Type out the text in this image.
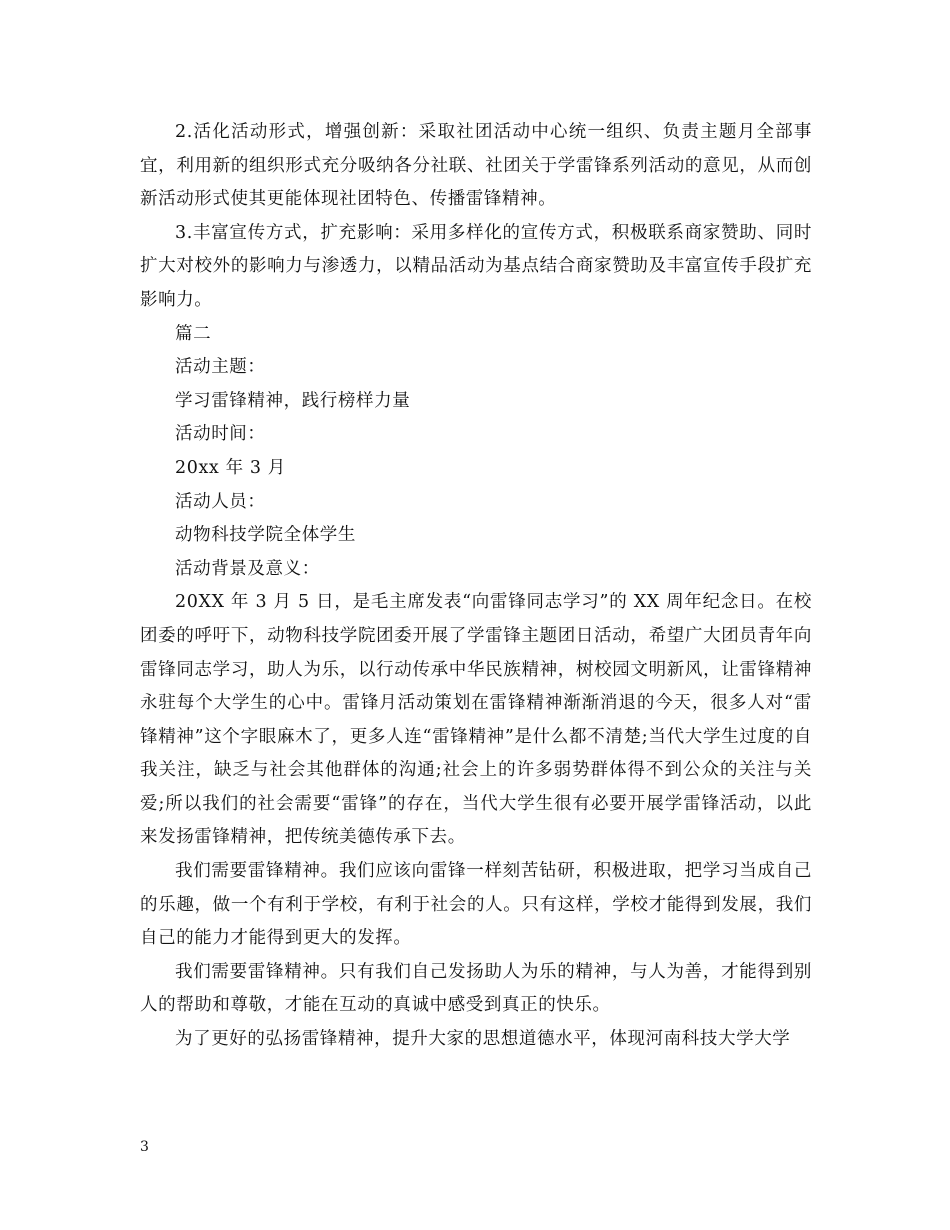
2.活化活动形式，增强创新：采取社团活动中心统一组织、负责主题月全部事宜，利用新的组织形式充分吸纳各分社联、社团关于学雷锋系列活动的意见，从而创新活动形式使其更能体现社团特色、传播雷锋精神。

3.丰富宣传方式，扩充影响：采用多样化的宣传方式，积极联系商家赞助、同时扩大对校外的影响力与渗透力，以精品活动为基点结合商家赞助及丰富宣传手段扩充影响力。

篇二

活动主题：

学习雷锋精神，践行榜样力量

活动时间：

20xx 年 3 月

活动人员：

动物科技学院全体学生

活动背景及意义：

20XX 年 3 月 5 日，是毛主席发表“向雷锋同志学习”的 XX 周年纪念日。在校团委的呼吁下，动物科技学院团委开展了学雷锋主题团日活动，希望广大团员青年向雷锋同志学习，助人为乐，以行动传承中华民族精神，树校园文明新风，让雷锋精神永驻每个大学生的心中。雷锋月活动策划在雷锋精神渐渐消退的今天，很多人对“雷锋精神”这个字眼麻木了，更多人连“雷锋精神”是什么都不清楚;当代大学生过度的自我关注，缺乏与社会其他群体的沟通;社会上的许多弱势群体得不到公众的关注与关爱;所以我们的社会需要“雷锋”的存在，当代大学生很有必要开展学雷锋活动，以此来发扬雷锋精神，把传统美德传承下去。

我们需要雷锋精神。我们应该向雷锋一样刻苦钻研，积极进取，把学习当成自己的乐趣，做一个有利于学校，有利于社会的人。只有这样，学校才能得到发展，我们自己的能力才能得到更大的发挥。

我们需要雷锋精神。只有我们自己发扬助人为乐的精神，与人为善，才能得到别人的帮助和尊敬，才能在互动的真诚中感受到真正的快乐。

为了更好的弘扬雷锋精神，提升大家的思想道德水平，体现河南科技大学大学

3
